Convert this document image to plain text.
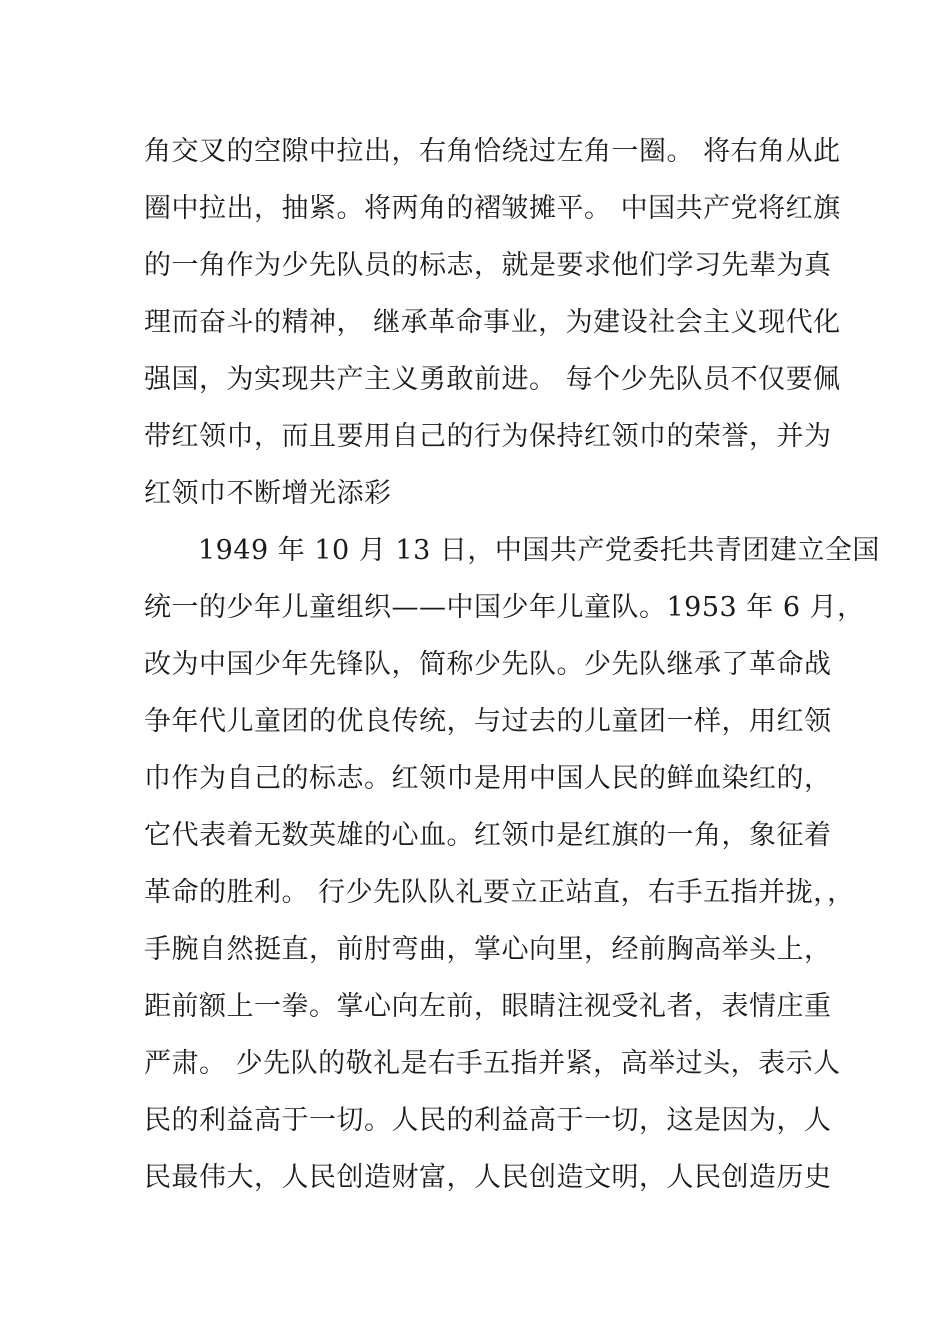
角交叉的空隙中拉出，右角恰绕过左角一圈。 将右角从此
圈中拉出，抽紧。将两角的褶皱摊平。 中国共产党将红旗
的一角作为少先队员的标志，就是要求他们学习先辈为真
理而奋斗的精神， 继承革命事业，为建设社会主义现代化
强国，为实现共产主义勇敢前进。 每个少先队员不仅要佩
带红领巾，而且要用自己的行为保持红领巾的荣誉，并为
红领巾不断增光添彩
1949 年 10 月 13 日，中国共产党委托共青团建立全国
统一的少年儿童组织——中国少年儿童队。1953 年 6 月，
改为中国少年先锋队，简称少先队。少先队继承了革命战
争年代儿童团的优良传统，与过去的儿童团一样，用红领
巾作为自己的标志。红领巾是用中国人民的鲜血染红的，
它代表着无数英雄的心血。红领巾是红旗的一角，象征着
革命的胜利。 行少先队队礼要立正站直，右手五指并拢，，
手腕自然挺直，前肘弯曲，掌心向里，经前胸高举头上，
距前额上一拳。掌心向左前，眼睛注视受礼者，表情庄重
严肃。 少先队的敬礼是右手五指并紧，高举过头，表示人
民的利益高于一切。人民的利益高于一切，这是因为，人
民最伟大，人民创造财富，人民创造文明，人民创造历史
